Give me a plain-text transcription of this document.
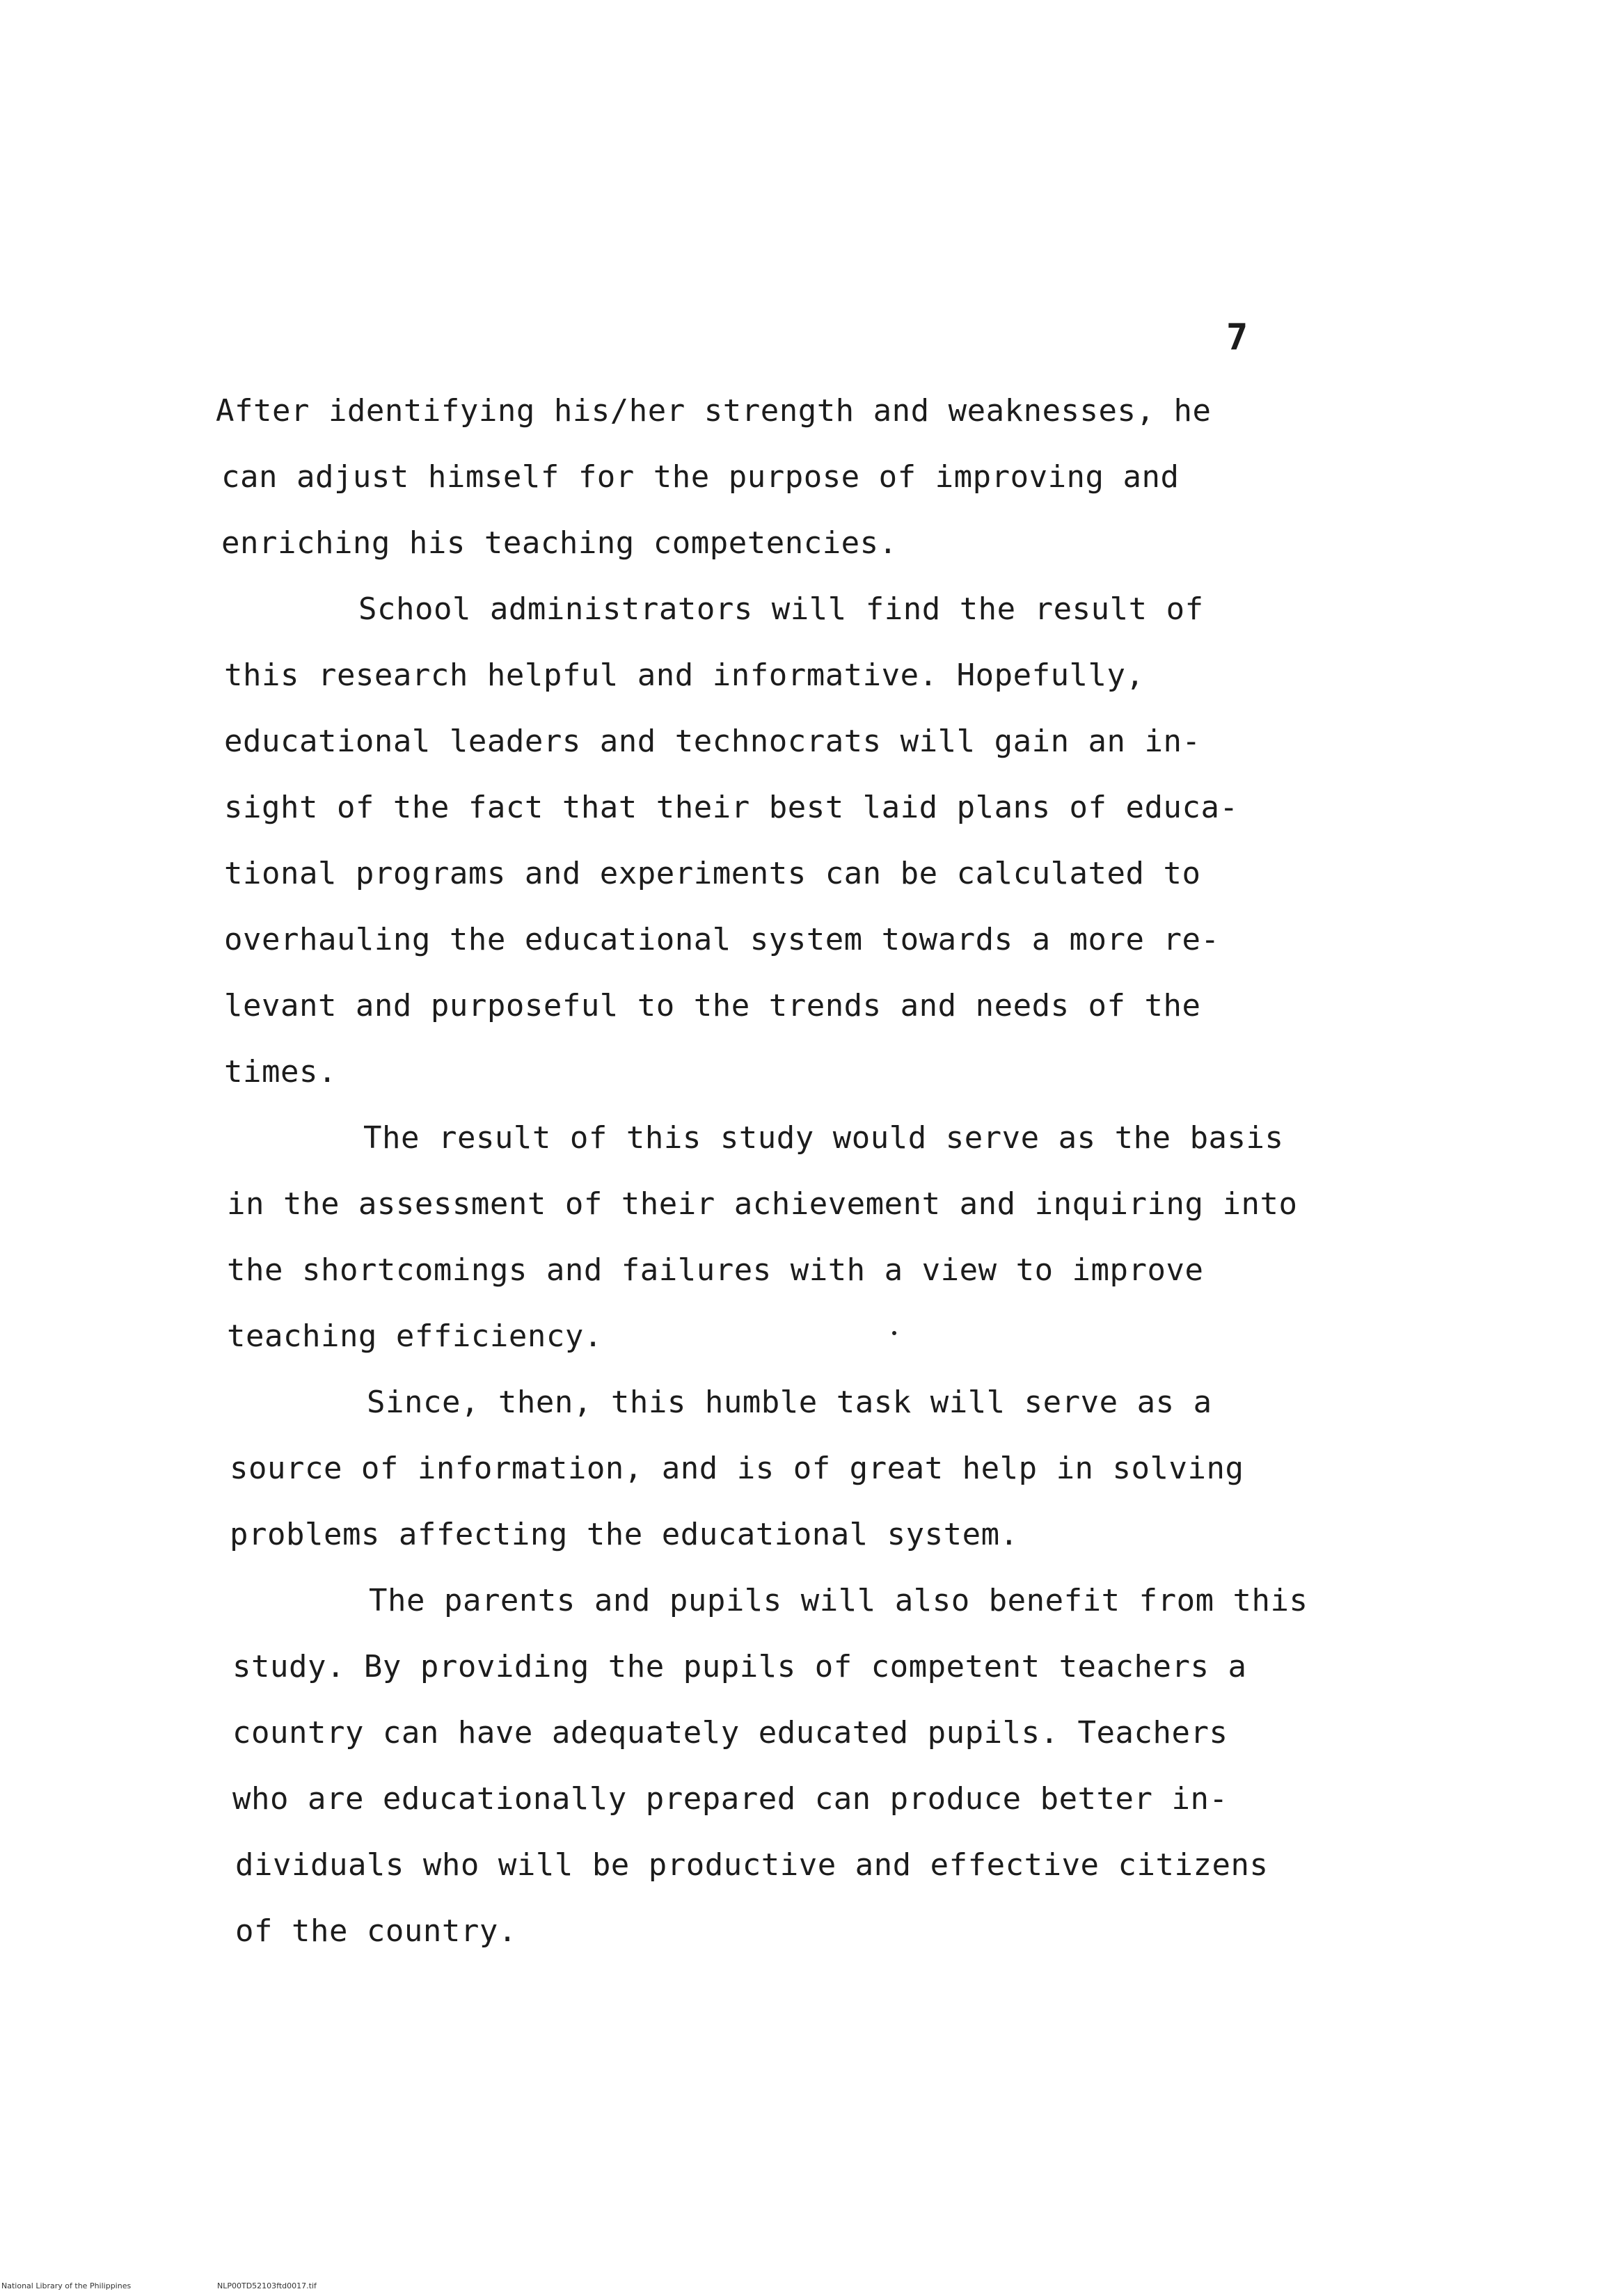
7
After identifying his/her strength and weaknesses, he
can adjust himself for the purpose of improving and
enriching his teaching competencies.
School administrators will find the result of
this research helpful and informative. Hopefully,
educational leaders and technocrats will gain an in-
sight of the fact that their best laid plans of educa-
tional programs and experiments can be calculated to
overhauling the educational system towards a more re-
levant and purposeful to the trends and needs of the
times.
The result of this study would serve as the basis
in the assessment of their achievement and inquiring into
the shortcomings and failures with a view to improve
teaching efficiency.
Since, then, this humble task will serve as a
source of information, and is of great help in solving
problems affecting the educational system.
The parents and pupils will also benefit from this
study. By providing the pupils of competent teachers a
country can have adequately educated pupils. Teachers
who are educationally prepared can produce better in-
dividuals who will be productive and effective citizens
of the country.
National Library of the Philippines	NLP00TD52103ftd0017.tif
